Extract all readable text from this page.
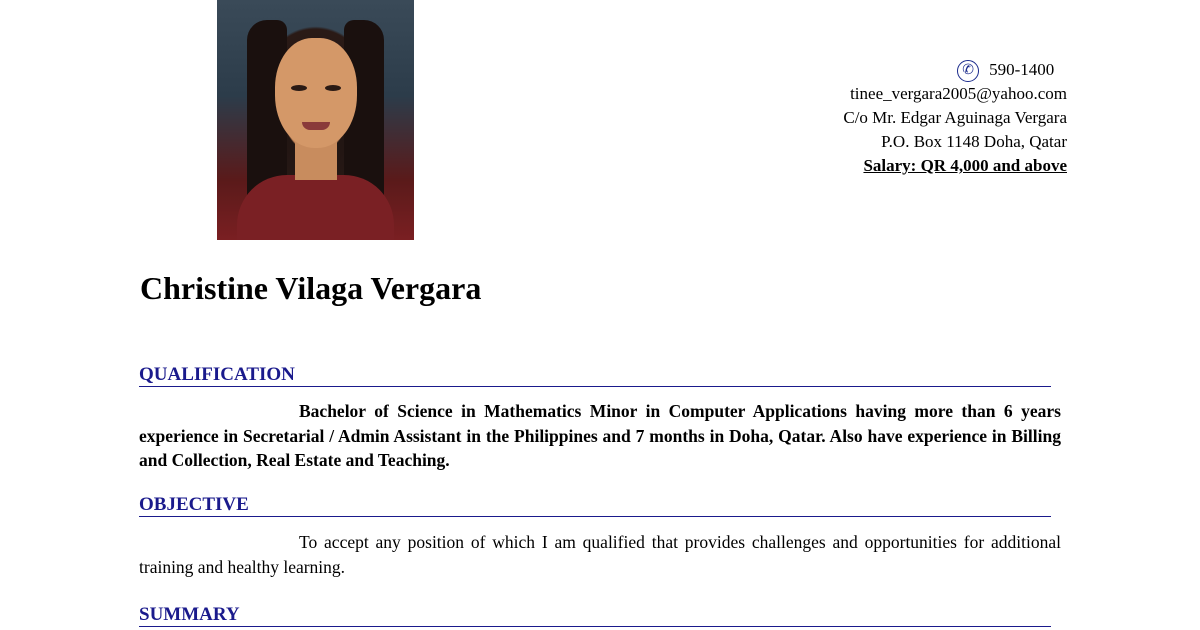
✆ 590-1400
tinee_vergara2005@yahoo.com
C/o Mr. Edgar Aguinaga Vergara
P.O. Box 1148 Doha, Qatar
Salary: QR 4,000 and above
Christine Vilaga Vergara
QUALIFICATION
Bachelor of Science in Mathematics Minor in Computer Applications having more than 6 years experience in Secretarial / Admin Assistant in the Philippines and 7 months in Doha, Qatar. Also have experience in Billing and Collection, Real Estate and Teaching.
OBJECTIVE
To accept any position of which I am qualified that provides challenges and opportunities for additional training and healthy learning.
SUMMARY
